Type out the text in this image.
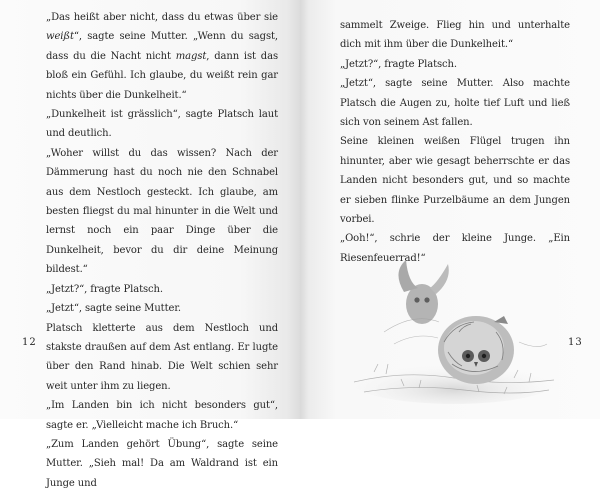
„Das heißt aber nicht, dass du etwas über sie weißt“, sagte seine Mutter. „Wenn du sagst, dass du die Nacht nicht magst, dann ist das bloß ein Gefühl. Ich glaube, du weißt rein gar nichts über die Dunkelheit.“

„Dunkelheit ist grässlich“, sagte Platsch laut und deutlich.

„Woher willst du das wissen? Nach der Dämmerung hast du noch nie den Schnabel aus dem Nestloch gesteckt. Ich glaube, am besten fliegst du mal hinunter in die Welt und lernst noch ein paar Dinge über die Dunkelheit, bevor du dir deine Meinung bildest.“

„Jetzt?“, fragte Platsch.

„Jetzt“, sagte seine Mutter.

Platsch kletterte aus dem Nestloch und stakste draußen auf dem Ast entlang. Er lugte über den Rand hinab. Die Welt schien sehr weit unter ihm zu liegen.

„Im Landen bin ich nicht besonders gut“, sagte er. „Vielleicht mache ich Bruch.“

„Zum Landen gehört Übung“, sagte seine Mutter. „Sieh mal! Da am Waldrand ist ein Junge und

12

sammelt Zweige. Flieg hin und unterhalte dich mit ihm über die Dunkelheit.“

„Jetzt?“, fragte Platsch.

„Jetzt“, sagte seine Mutter. Also machte Platsch die Augen zu, holte tief Luft und ließ sich von seinem Ast fallen.

Seine kleinen weißen Flügel trugen ihn hinunter, aber wie gesagt beherrschte er das Landen nicht besonders gut, und so machte er sieben flinke Purzelbäume an dem Jungen vorbei.

„Ooh!“, schrie der kleine Junge. „Ein Riesenfeuerrad!“

13
